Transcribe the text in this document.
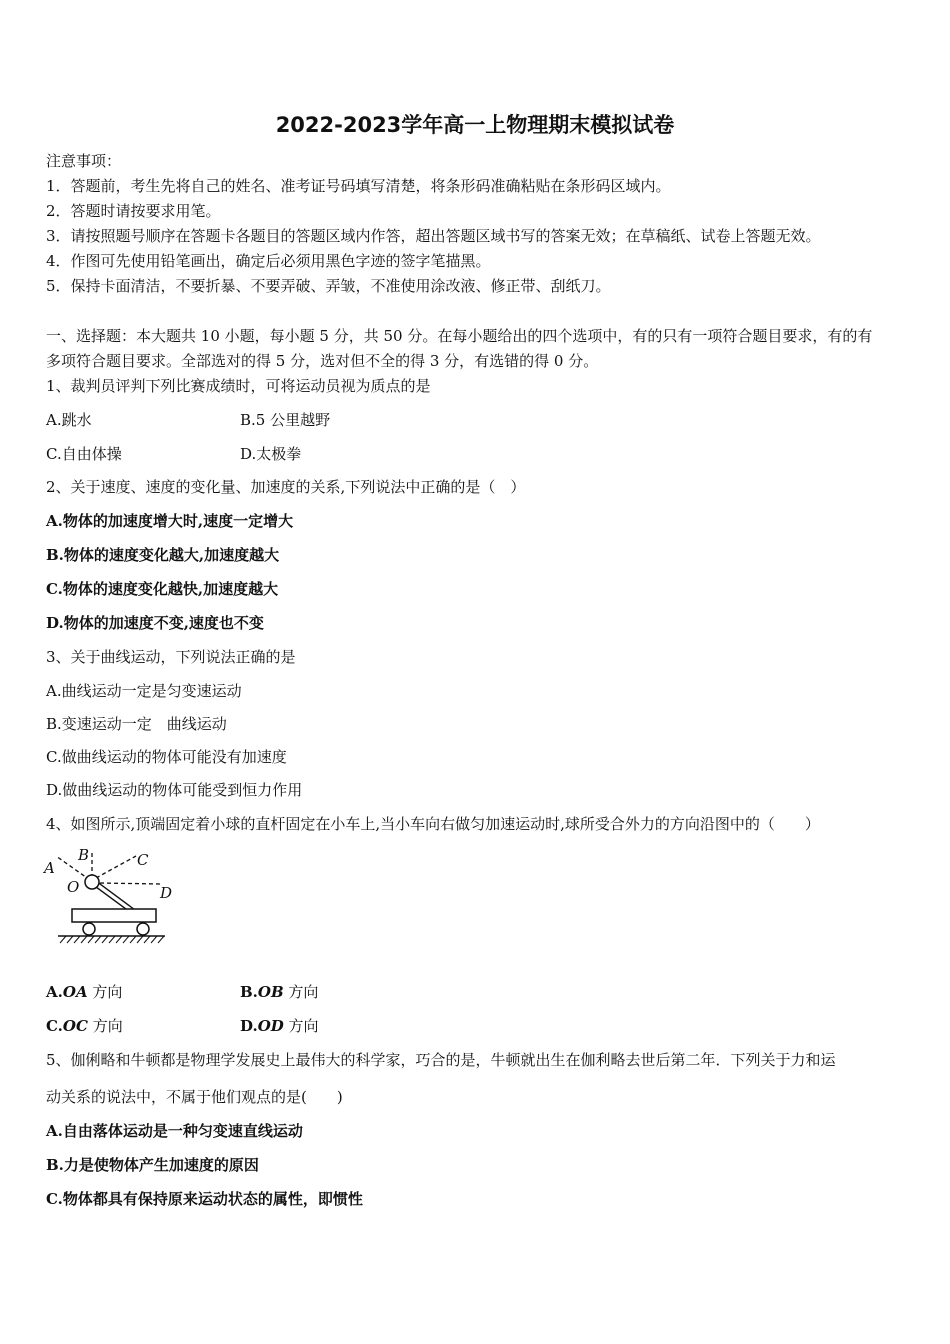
2022-2023学年高一上物理期末模拟试卷
注意事项：
1．答题前，考生先将自己的姓名、准考证号码填写清楚，将条形码准确粘贴在条形码区域内。
2．答题时请按要求用笔。
3．请按照题号顺序在答题卡各题目的答题区域内作答，超出答题区域书写的答案无效；在草稿纸、试卷上答题无效。
4．作图可先使用铅笔画出，确定后必须用黑色字迹的签字笔描黑。
5．保持卡面清洁，不要折暴、不要弄破、弄皱，不准使用涂改液、修正带、刮纸刀。
一、选择题：本大题共 10 小题，每小题 5 分，共 50 分。在每小题给出的四个选项中，有的只有一项符合题目要求，有的有
多项符合题目要求。全部选对的得 5 分，选对但不全的得 3 分，有选错的得 0 分。
1、裁判员评判下列比赛成绩时，可将运动员视为质点的是
A.跳水	B.5 公里越野
C.自由体操	D.太极拳
2、关于速度、速度的变化量、加速度的关系,下列说法中正确的是（　）
A.物体的加速度增大时,速度一定增大
B.物体的速度变化越大,加速度越大
C.物体的速度变化越快,加速度越大
D.物体的加速度不变,速度也不变
3、关于曲线运动，下列说法正确的是
A.曲线运动一定是匀变速运动
B.变速运动一定　曲线运动
C.做曲线运动的物体可能没有加速度
D.做曲线运动的物体可能受到恒力作用
4、如图所示,顶端固定着小球的直杆固定在小车上,当小车向右做匀加速运动时,球所受合外力的方向沿图中的（　　）
A
B	C
D
O
A.OA 方向	B.OB 方向
C.OC 方向	D.OD 方向
5、伽俐略和牛顿都是物理学发展史上最伟大的科学家，巧合的是，牛顿就出生在伽利略去世后第二年．下列关于力和运
动关系的说法中，不属于他们观点的是(　　)
A.自由落体运动是一种匀变速直线运动
B.力是使物体产生加速度的原因
C.物体都具有保持原来运动状态的属性，即惯性
